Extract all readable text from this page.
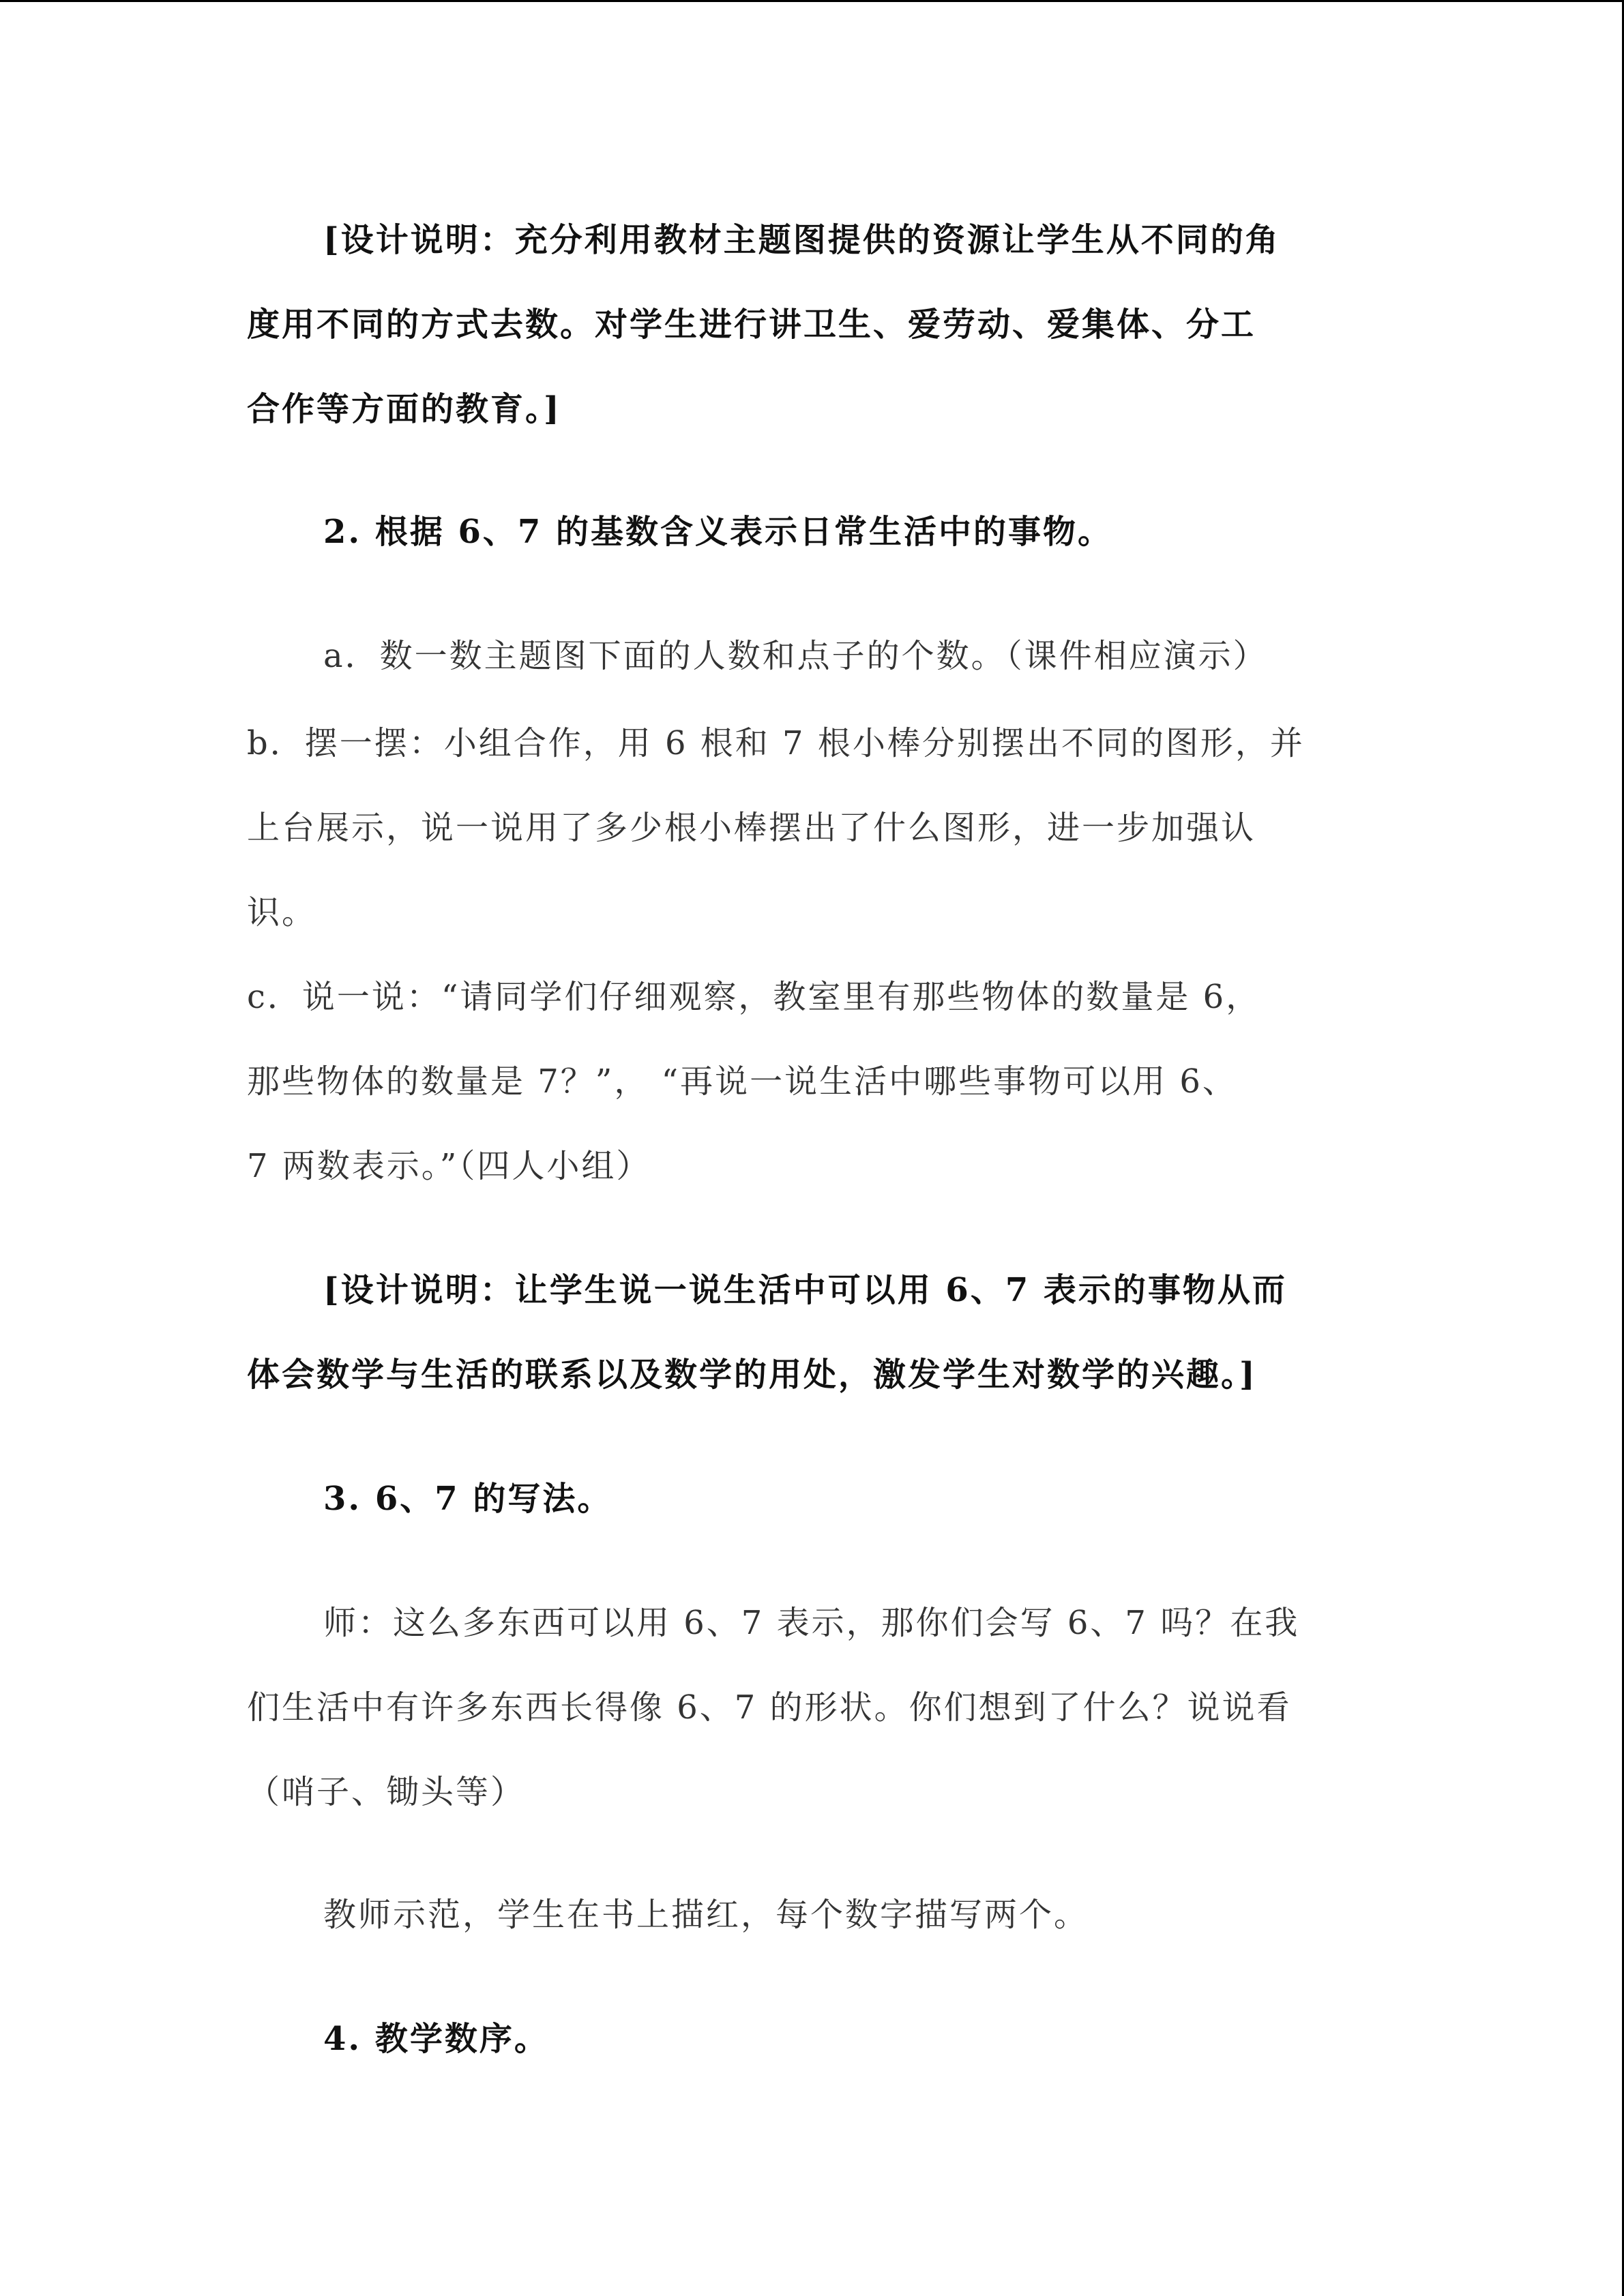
[设计说明：充分利用教材主题图提供的资源让学生从不同的角
度用不同的方式去数。对学生进行讲卫生、爱劳动、爱集体、分工
合作等方面的教育。]
2. 根据 6、7 的基数含义表示日常生活中的事物。
a．数一数主题图下面的人数和点子的个数。（课件相应演示）
b．摆一摆：小组合作，用 6 根和 7 根小棒分别摆出不同的图形，并
上台展示，说一说用了多少根小棒摆出了什么图形，进一步加强认
识。
c．说一说：“请同学们仔细观察，教室里有那些物体的数量是 6，
那些物体的数量是 7？”， “再说一说生活中哪些事物可以用 6、
7 两数表示。”（四人小组）
[设计说明：让学生说一说生活中可以用 6、7 表示的事物从而
体会数学与生活的联系以及数学的用处，激发学生对数学的兴趣。]
3. 6、7 的写法。
师：这么多东西可以用 6、7 表示，那你们会写 6、7 吗？在我
们生活中有许多东西长得像 6、7 的形状。你们想到了什么？说说看
（哨子、锄头等）
教师示范，学生在书上描红，每个数字描写两个。
4. 教学数序。
